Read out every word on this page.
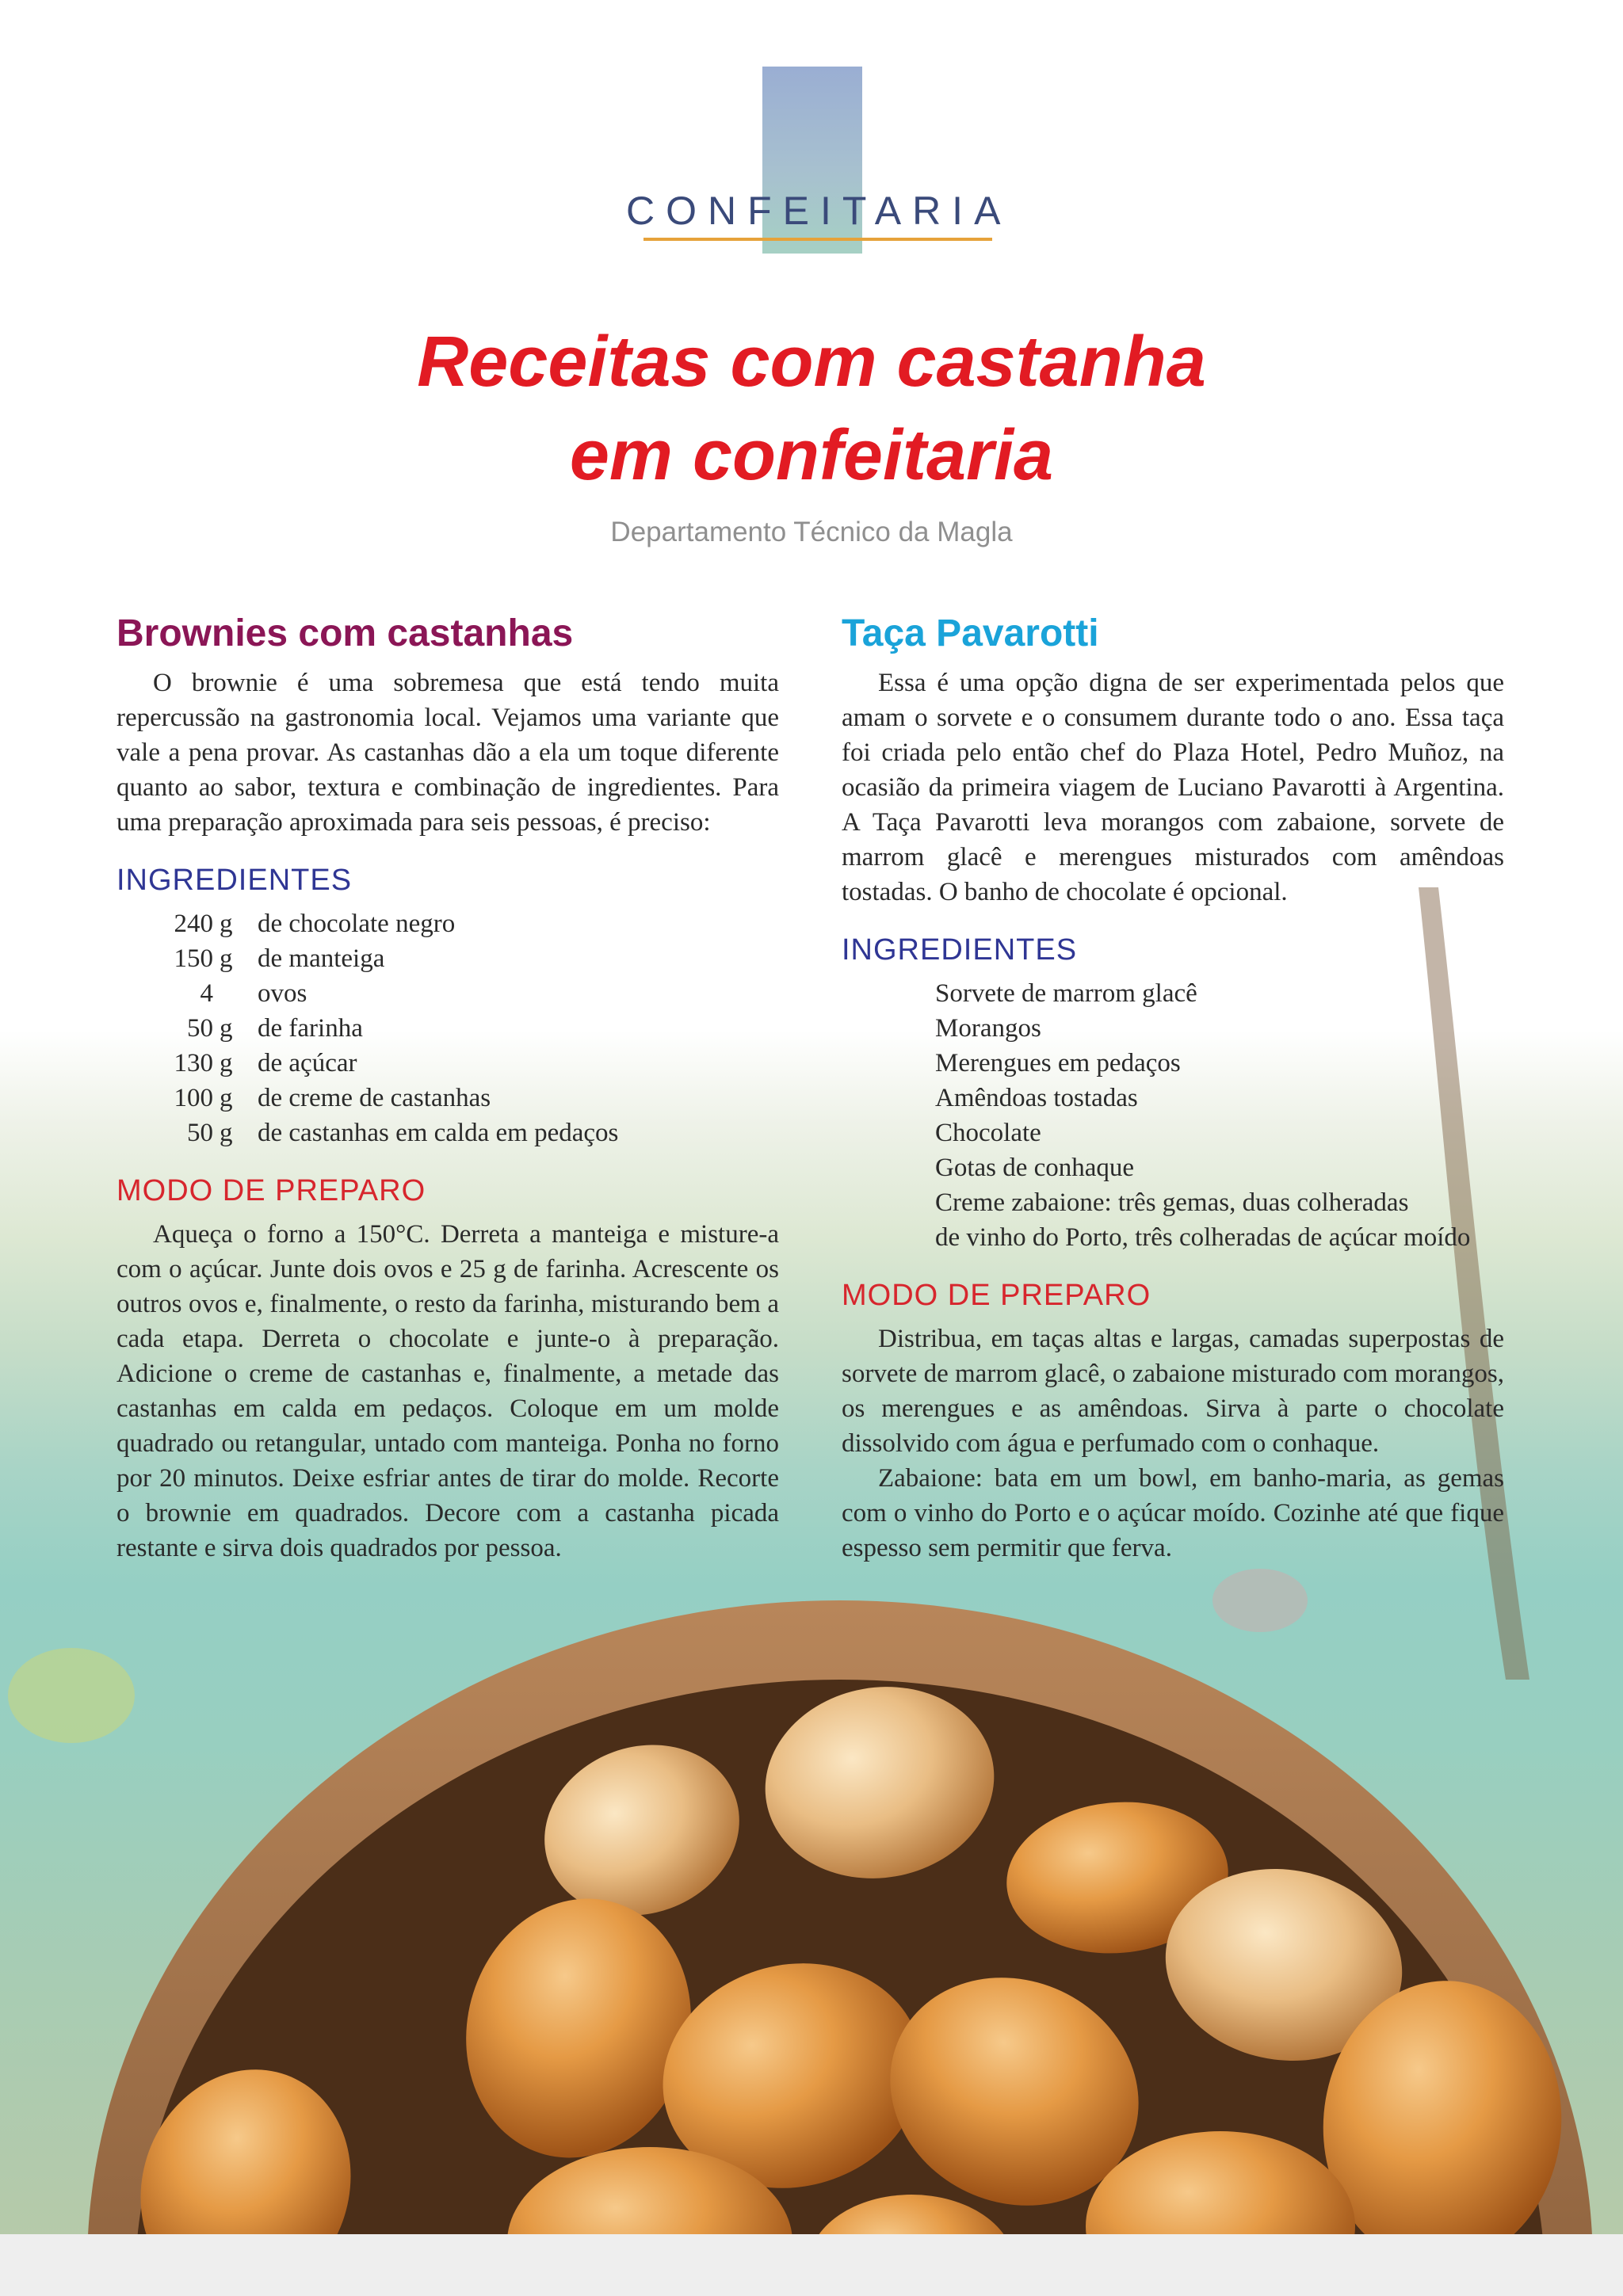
CONFEITARIA
Receitas com castanha
em confeitaria
Departamento Técnico da Magla
Brownies com castanhas

O brownie é uma sobremesa que está tendo muita repercussão na gastronomia local. Vejamos uma variante que vale a pena provar. As castanhas dão a ela um toque diferente quanto ao sabor, textura e combinação de ingredientes. Para uma preparação aproximada para seis pessoas, é preciso:

INGREDIENTES
240 g de chocolate negro
150 g de manteiga
4	ovos
50 g de farinha
130 g de açúcar
100 g de creme de castanhas
50 g de castanhas em calda em pedaços
MODO DE PREPARO

Aqueça o forno a 150°C. Derreta a manteiga e misture-a com o açúcar. Junte dois ovos e 25 g de farinha. Acrescente os outros ovos e, finalmente, o resto da farinha, misturando bem a cada etapa. Derreta o chocolate e junte-o à preparação. Adicione o creme de castanhas e, finalmente, a metade das castanhas em calda em pedaços. Coloque em um molde quadrado ou retangular, untado com manteiga. Ponha no forno por 20 minutos. Deixe esfriar antes de tirar do molde. Recorte o brownie em quadrados. Decore com a castanha picada restante e sirva dois quadrados por pessoa.

Taça Pavarotti

Essa é uma opção digna de ser experimentada pelos que amam o sorvete e o consumem durante todo o ano. Essa taça foi criada pelo então chef do Plaza Hotel, Pedro Muñoz, na ocasião da primeira viagem de Luciano Pavarotti à Argentina. A Taça Pavarotti leva morangos com zabaione, sorvete de marrom glacê e merengues misturados com amêndoas tostadas. O banho de chocolate é opcional.

INGREDIENTES
Sorvete de marrom glacê
Morangos
Merengues em pedaços
Amêndoas tostadas
Chocolate
Gotas de conhaque
Creme zabaione: três gemas, duas colheradas
de vinho do Porto, três colheradas de açúcar moído
MODO DE PREPARO

Distribua, em taças altas e largas, camadas superpostas de sorvete de marrom glacê, o zabaione misturado com morangos, os merengues e as amêndoas. Sirva à parte o chocolate dissolvido com água e perfumado com o conhaque.

Zabaione: bata em um bowl, em banho-maria, as gemas com o vinho do Porto e o açúcar moído. Cozinhe até que fique espesso sem permitir que ferva.
